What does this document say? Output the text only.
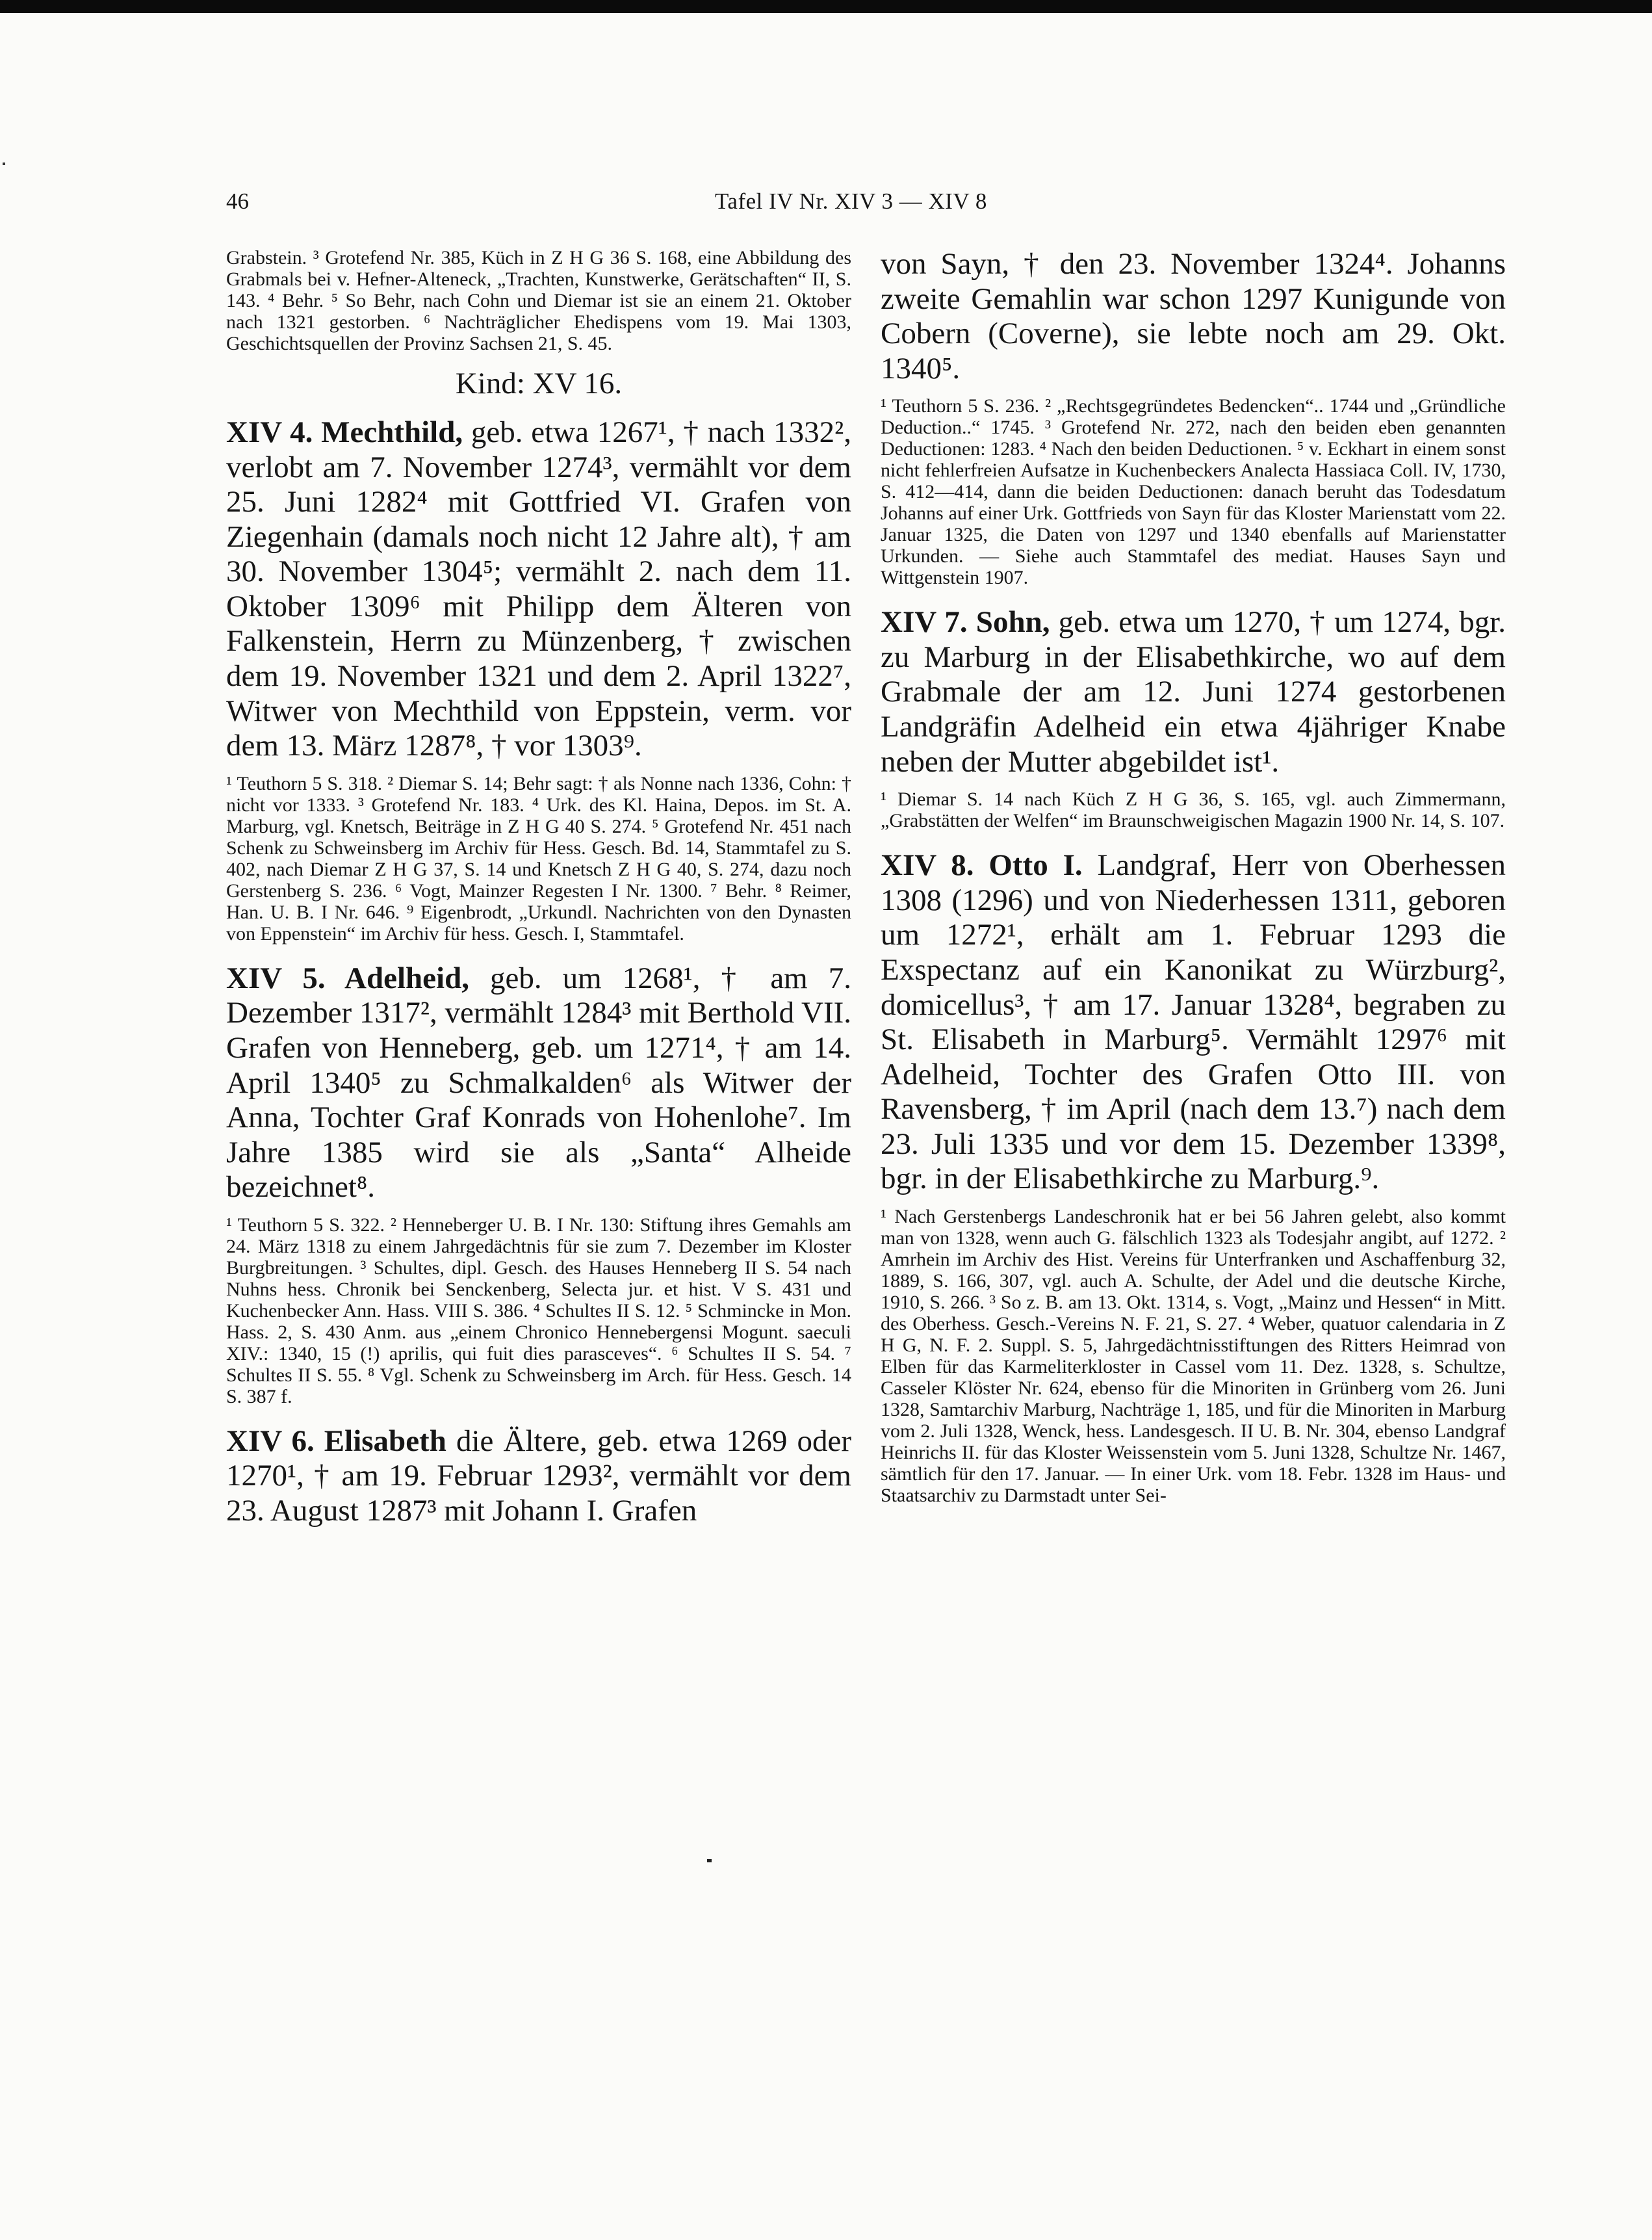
46	Tafel IV Nr. XIV 3 — XIV 8

Grabstein. ³ Grotefend Nr. 385, Küch in Z H G 36 S. 168, eine Abbildung des Grabmals bei v. Hefner-Alteneck, „Trachten, Kunstwerke, Gerätschaften“ II, S. 143. ⁴ Behr. ⁵ So Behr, nach Cohn und Diemar ist sie an einem 21. Oktober nach 1321 gestorben. ⁶ Nachträglicher Ehedispens vom 19. Mai 1303, Geschichtsquellen der Provinz Sachsen 21, S. 45.

Kind: XV 16.

XIV 4. Mechthild, geb. etwa 1267¹, † nach 1332², verlobt am 7. November 1274³, vermählt vor dem 25. Juni 1282⁴ mit Gottfried VI. Grafen von Ziegenhain (damals noch nicht 12 Jahre alt), † am 30. November 1304⁵; vermählt 2. nach dem 11. Oktober 1309⁶ mit Philipp dem Älteren von Falkenstein, Herrn zu Münzenberg, † zwischen dem 19. November 1321 und dem 2. April 1322⁷, Witwer von Mechthild von Eppstein, verm. vor dem 13. März 1287⁸, † vor 1303⁹.

¹ Teuthorn 5 S. 318. ² Diemar S. 14; Behr sagt: † als Nonne nach 1336, Cohn: † nicht vor 1333. ³ Grotefend Nr. 183. ⁴ Urk. des Kl. Haina, Depos. im St. A. Marburg, vgl. Knetsch, Beiträge in Z H G 40 S. 274. ⁵ Grotefend Nr. 451 nach Schenk zu Schweinsberg im Archiv für Hess. Gesch. Bd. 14, Stammtafel zu S. 402, nach Diemar Z H G 37, S. 14 und Knetsch Z H G 40, S. 274, dazu noch Gerstenberg S. 236. ⁶ Vogt, Mainzer Regesten I Nr. 1300. ⁷ Behr. ⁸ Reimer, Han. U. B. I Nr. 646. ⁹ Eigenbrodt, „Urkundl. Nachrichten von den Dynasten von Eppenstein“ im Archiv für hess. Gesch. I, Stammtafel.

XIV 5. Adelheid, geb. um 1268¹, † am 7. Dezember 1317², vermählt 1284³ mit Berthold VII. Grafen von Henneberg, geb. um 1271⁴, † am 14. April 1340⁵ zu Schmalkalden⁶ als Witwer der Anna, Tochter Graf Konrads von Hohenlohe⁷. Im Jahre 1385 wird sie als „Santa“ Alheide bezeichnet⁸.

¹ Teuthorn 5 S. 322. ² Henneberger U. B. I Nr. 130: Stiftung ihres Gemahls am 24. März 1318 zu einem Jahrgedächtnis für sie zum 7. Dezember im Kloster Burgbreitungen. ³ Schultes, dipl. Gesch. des Hauses Henneberg II S. 54 nach Nuhns hess. Chronik bei Senckenberg, Selecta jur. et hist. V S. 431 und Kuchenbecker Ann. Hass. VIII S. 386. ⁴ Schultes II S. 12. ⁵ Schmincke in Mon. Hass. 2, S. 430 Anm. aus „einem Chronico Hennebergensi Mogunt. saeculi XIV.: 1340, 15 (!) aprilis, qui fuit dies parasceves“. ⁶ Schultes II S. 54. ⁷ Schultes II S. 55. ⁸ Vgl. Schenk zu Schweinsberg im Arch. für Hess. Gesch. 14 S. 387 f.

XIV 6. Elisabeth die Ältere, geb. etwa 1269 oder 1270¹, † am 19. Februar 1293², vermählt vor dem 23. August 1287³ mit Johann I. Grafen

von Sayn, † den 23. November 1324⁴. Johanns zweite Gemahlin war schon 1297 Kunigunde von Cobern (Coverne), sie lebte noch am 29. Okt. 1340⁵.

¹ Teuthorn 5 S. 236. ² „Rechtsgegründetes Bedencken“.. 1744 und „Gründliche Deduction..“ 1745. ³ Grotefend Nr. 272, nach den beiden eben genannten Deductionen: 1283. ⁴ Nach den beiden Deductionen. ⁵ v. Eckhart in einem sonst nicht fehlerfreien Aufsatze in Kuchenbeckers Analecta Hassiaca Coll. IV, 1730, S. 412—414, dann die beiden Deductionen: danach beruht das Todesdatum Johanns auf einer Urk. Gottfrieds von Sayn für das Kloster Marienstatt vom 22. Januar 1325, die Daten von 1297 und 1340 ebenfalls auf Marienstatter Urkunden. — Siehe auch Stammtafel des mediat. Hauses Sayn und Wittgenstein 1907.

XIV 7. Sohn, geb. etwa um 1270, † um 1274, bgr. zu Marburg in der Elisabethkirche, wo auf dem Grabmale der am 12. Juni 1274 gestorbenen Landgräfin Adelheid ein etwa 4jähriger Knabe neben der Mutter abgebildet ist¹.

¹ Diemar S. 14 nach Küch Z H G 36, S. 165, vgl. auch Zimmermann, „Grabstätten der Welfen“ im Braunschweigischen Magazin 1900 Nr. 14, S. 107.

XIV 8. Otto I. Landgraf, Herr von Oberhessen 1308 (1296) und von Niederhessen 1311, geboren um 1272¹, erhält am 1. Februar 1293 die Exspectanz auf ein Kanonikat zu Würzburg², domicellus³, † am 17. Januar 1328⁴, begraben zu St. Elisabeth in Marburg⁵. Vermählt 1297⁶ mit Adelheid, Tochter des Grafen Otto III. von Ravensberg, † im April (nach dem 13.⁷) nach dem 23. Juli 1335 und vor dem 15. Dezember 1339⁸, bgr. in der Elisabethkirche zu Marburg.⁹.

¹ Nach Gerstenbergs Landeschronik hat er bei 56 Jahren gelebt, also kommt man von 1328, wenn auch G. fälschlich 1323 als Todesjahr angibt, auf 1272. ² Amrhein im Archiv des Hist. Vereins für Unterfranken und Aschaffenburg 32, 1889, S. 166, 307, vgl. auch A. Schulte, der Adel und die deutsche Kirche, 1910, S. 266. ³ So z. B. am 13. Okt. 1314, s. Vogt, „Mainz und Hessen“ in Mitt. des Oberhess. Gesch.-Vereins N. F. 21, S. 27. ⁴ Weber, quatuor calendaria in Z H G, N. F. 2. Suppl. S. 5, Jahrgedächtnisstiftungen des Ritters Heimrad von Elben für das Karmeliterkloster in Cassel vom 11. Dez. 1328, s. Schultze, Casseler Klöster Nr. 624, ebenso für die Minoriten in Grünberg vom 26. Juni 1328, Samtarchiv Marburg, Nachträge 1, 185, und für die Minoriten in Marburg vom 2. Juli 1328, Wenck, hess. Landesgesch. II U. B. Nr. 304, ebenso Landgraf Heinrichs II. für das Kloster Weissenstein vom 5. Juni 1328, Schultze Nr. 1467, sämtlich für den 17. Januar. — In einer Urk. vom 18. Febr. 1328 im Haus- und Staatsarchiv zu Darmstadt unter Sei-
